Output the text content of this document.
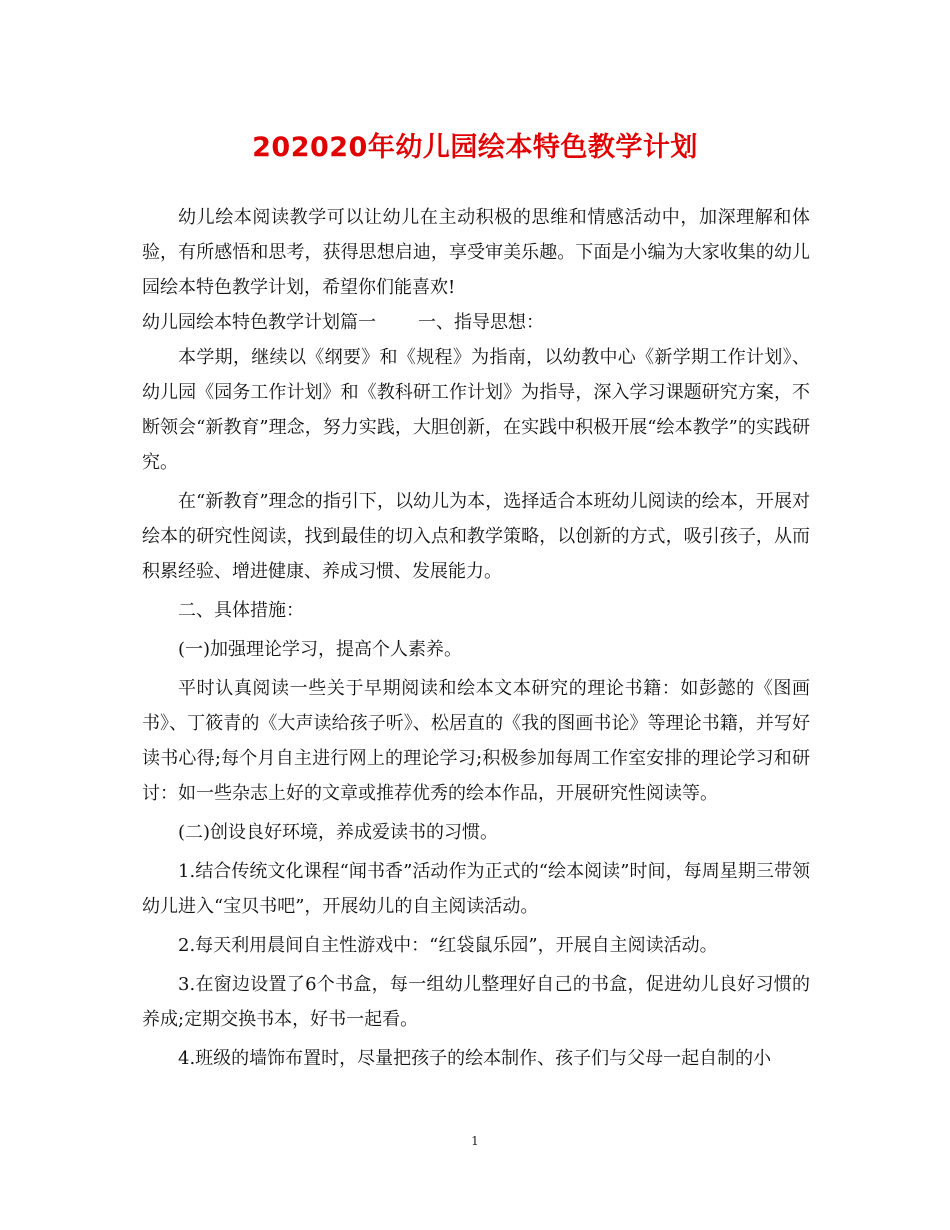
202020年幼儿园绘本特色教学计划

幼儿绘本阅读教学可以让幼儿在主动积极的思维和情感活动中，加深理解和体验，有所感悟和思考，获得思想启迪，享受审美乐趣。下面是小编为大家收集的幼儿园绘本特色教学计划，希望你们能喜欢!

幼儿园绘本特色教学计划篇一 一、指导思想：

本学期，继续以《纲要》和《规程》为指南，以幼教中心《新学期工作计划》、幼儿园《园务工作计划》和《教科研工作计划》为指导，深入学习课题研究方案，不断领会“新教育”理念，努力实践，大胆创新，在实践中积极开展“绘本教学”的实践研究。

在“新教育”理念的指引下，以幼儿为本，选择适合本班幼儿阅读的绘本，开展对绘本的研究性阅读，找到最佳的切入点和教学策略，以创新的方式，吸引孩子，从而积累经验、增进健康、养成习惯、发展能力。

二、具体措施：

(一)加强理论学习，提高个人素养。

平时认真阅读一些关于早期阅读和绘本文本研究的理论书籍：如彭懿的《图画书》、丁筱青的《大声读给孩子听》、松居直的《我的图画书论》等理论书籍，并写好读书心得;每个月自主进行网上的理论学习;积极参加每周工作室安排的理论学习和研讨：如一些杂志上好的文章或推荐优秀的绘本作品，开展研究性阅读等。

(二)创设良好环境，养成爱读书的习惯。

1.结合传统文化课程“闻书香”活动作为正式的“绘本阅读”时间，每周星期三带领幼儿进入“宝贝书吧”，开展幼儿的自主阅读活动。

2.每天利用晨间自主性游戏中：“红袋鼠乐园”，开展自主阅读活动。

3.在窗边设置了6个书盒，每一组幼儿整理好自己的书盒，促进幼儿良好习惯的养成;定期交换书本，好书一起看。

4.班级的墙饰布置时，尽量把孩子的绘本制作、孩子们与父母一起自制的小

1
